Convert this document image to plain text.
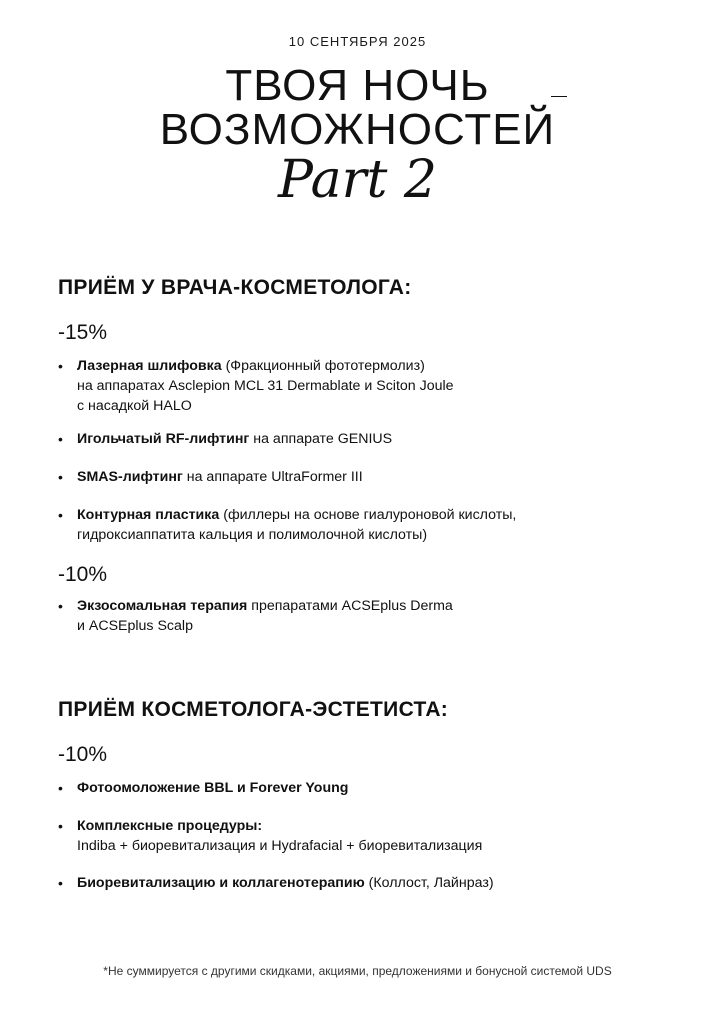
10 СЕНТЯБРЯ 2025
ТВОЯ НОЧЬ
ВОЗМОЖНОСТЕЙ
Part 2
ПРИЁМ У ВРАЧА-КОСМЕТОЛОГА:
-15%
• Лазерная шлифовка (Фракционный фототермолиз)
на аппаратах Asclepion MCL 31 Dermablate и Sciton Joule
с насадкой HALO
• Игольчатый RF-лифтинг на аппарате GENIUS
• SMAS-лифтинг на аппарате UltraFormer III
• Контурная пластика (филлеры на основе гиалуроновой кислоты,
гидроксиаппатита кальция и полимолочной кислоты)
-10%
• Экзосомальная терапия препаратами ACSEplus Derma
и ACSEplus Scalp
ПРИЁМ КОСМЕТОЛОГА-ЭСТЕТИСТА:
-10%
• Фотоомоложение BBL и Forever Young
• Комплексные процедуры:
Indiba + биоревитализация и Hydrafacial + биоревитализация
• Биоревитализацию и коллагенотерапию (Коллост, Лайнраз)
*Не суммируется с другими скидками, акциями, предложениями и бонусной системой UDS
